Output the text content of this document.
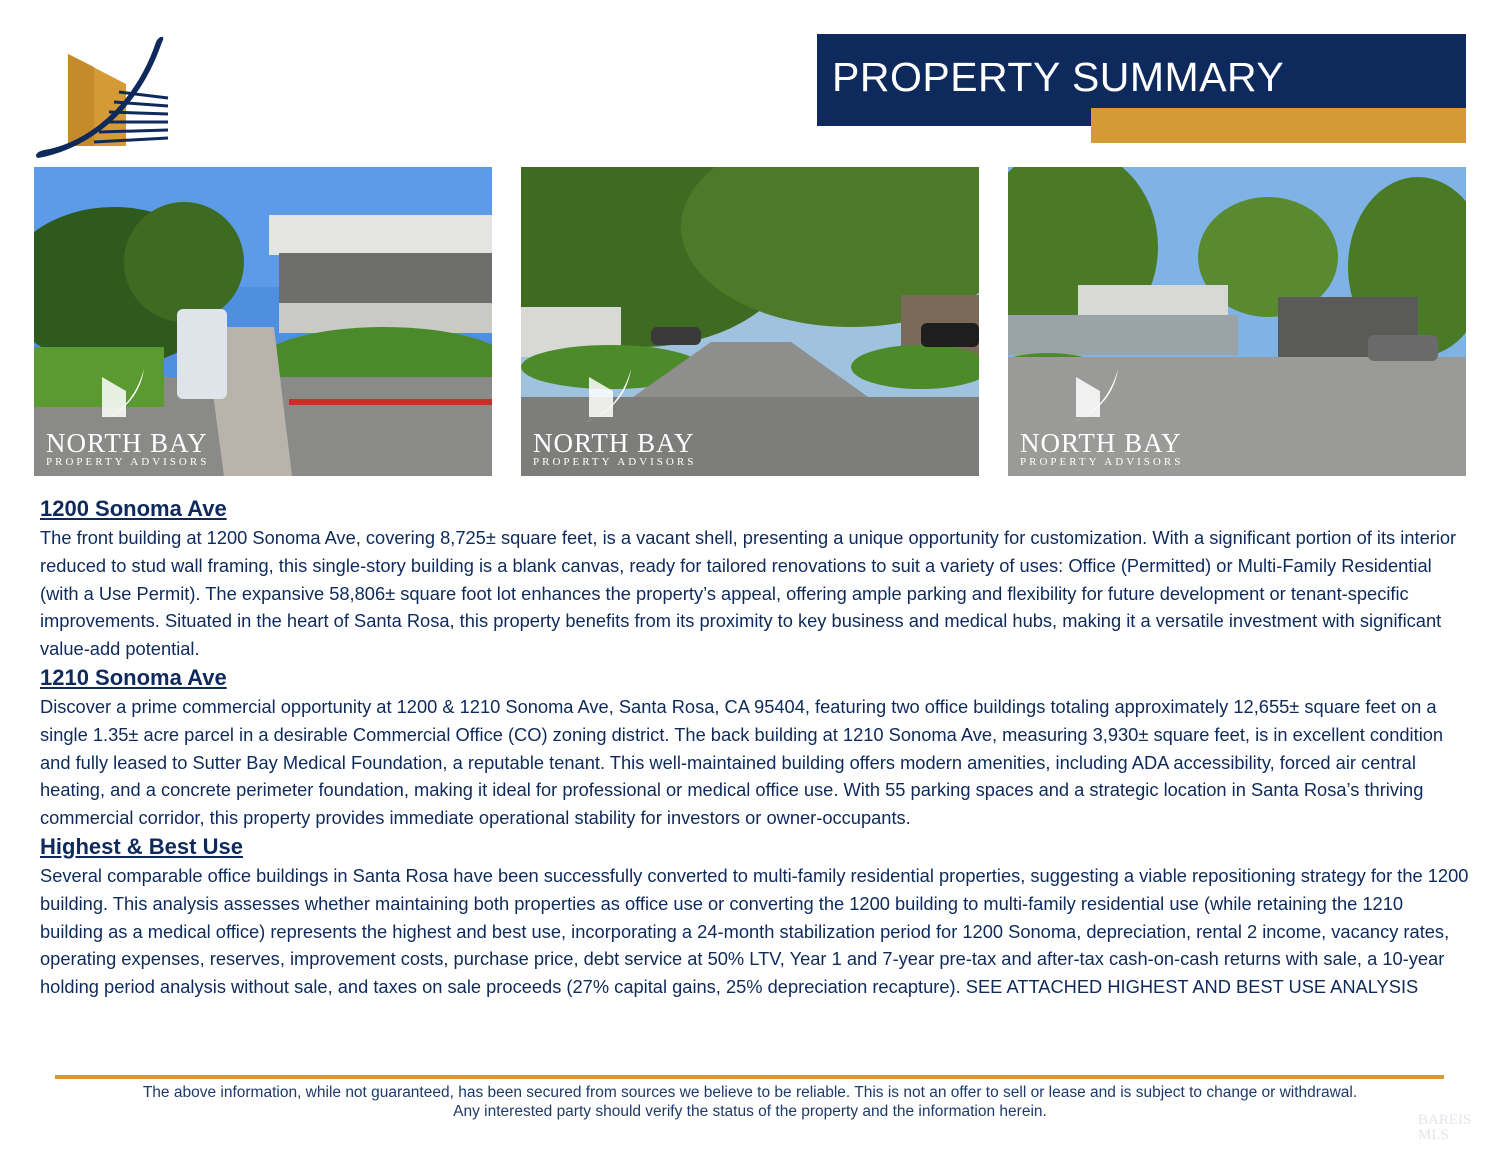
PROPERTY SUMMARY
NORTH BAY
PROPERTY ADVISORS
NORTH BAY
PROPERTY ADVISORS
NORTH BAY
PROPERTY ADVISORS
1200 Sonoma Ave

The front building at 1200 Sonoma Ave, covering 8,725± square feet, is a vacant shell, presenting a unique opportunity for customization. With a significant portion of its interior reduced to stud wall framing, this single-story building is a blank canvas, ready for tailored renovations to suit a variety of uses: Office (Permitted) or Multi-Family Residential (with a Use Permit). The expansive 58,806± square foot lot enhances the property’s appeal, offering ample parking and flexibility for future development or tenant-specific improvements. Situated in the heart of Santa Rosa, this property benefits from its proximity to key business and medical hubs, making it a versatile investment with significant value-add potential.

1210 Sonoma Ave

Discover a prime commercial opportunity at 1200 & 1210 Sonoma Ave, Santa Rosa, CA 95404, featuring two office buildings totaling approximately 12,655± square feet on a single 1.35± acre parcel in a desirable Commercial Office (CO) zoning district. The back building at 1210 Sonoma Ave, measuring 3,930± square feet, is in excellent condition and fully leased to Sutter Bay Medical Foundation, a reputable tenant. This well-maintained building offers modern amenities, including ADA accessibility, forced air central heating, and a concrete perimeter foundation, making it ideal for professional or medical office use. With 55 parking spaces and a strategic location in Santa Rosa’s thriving commercial corridor, this property provides immediate operational stability for investors or owner-occupants.

Highest & Best Use

Several comparable office buildings in Santa Rosa have been successfully converted to multi-family residential properties, suggesting a viable repositioning strategy for the 1200 building. This analysis assesses whether maintaining both properties as office use or converting the 1200 building to multi-family residential use (while retaining the 1210 building as a medical office) represents the highest and best use, incorporating a 24-month stabilization period for 1200 Sonoma, depreciation, rental 2 income, vacancy rates, operating expenses, reserves, improvement costs, purchase price, debt service at 50% LTV, Year 1 and 7-year pre-tax and after-tax cash-on-cash returns with sale, a 10-year holding period analysis without sale, and taxes on sale proceeds (27% capital gains, 25% depreciation recapture). SEE ATTACHED HIGHEST AND BEST USE ANALYSIS

The above information, while not guaranteed, has been secured from sources we believe to be reliable. This is not an offer to sell or lease and is subject to change or withdrawal.
Any interested party should verify the status of the property and the information herein.	BAREIS MLS
